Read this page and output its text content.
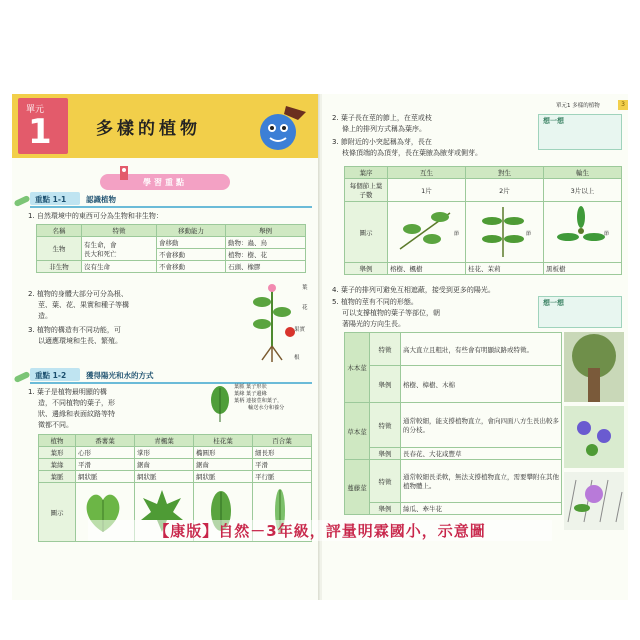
單元
1	多樣的植物
學習重點
重點 1-1	認識植物
1. 自然環境中的東西可分為生物和非生物：
名稱	特徵	移動能力	舉例
生物	有生命，會
長大和死亡	會移動	動物：蟲、鳥
		不會移動	植物：樹、花
非生物	沒有生命	不會移動	石頭、橡膠
2. 植物的身體大部分可分為根、
莖、葉、花、果實和種子等構
造。
3. 植物的構造有不同功能，可
以適應環境和生長、繁殖。
葉
花
果實
根
重點 1-2	獲得陽光和水的方式
1. 葉子是植物最明顯的構
造，不同植物的葉子，形
狀、邊緣和表面紋路等特
徵都不同。
葉脈 葉子形狀
葉緣 葉子邊緣
葉柄 連接莖和葉子，
輸送水分和養分
植物	番薯葉	青楓葉	桂花葉	百合葉
葉形	心形	掌形	橢圓形	細長形
葉緣	平滑	鋸齒	鋸齒	平滑
葉脈	網狀脈	網狀脈	網狀脈	平行脈
圖示				
單元1 多樣的植物
2. 葉子長在莖的節上，在莖或枝
條上的排列方式稱為葉序。
3. 節附近的小突起稱為芽，長在
枝條頂端的為頂芽，長在葉腋為腋芽或側芽。
想一想
葉序	互生	對生	輪生
每個節上葉子數	1片	2片	3片以上
圖示			
舉例	榕樹、楓樹	桂花、茉莉	黑板樹
節	節	節
4. 葉子的排列可避免互相遮蔽，接受到更多的陽光。
5. 植物的莖有不同的形態。
可以支撐植物的葉子等部位，朝
著陽光的方向生長。
想一想
木本莖	特徵	高大直立且粗壯，有些會有明顯紋路或特徵。
	舉例	榕樹、樟樹、木棉
草本莖	特徵	通常較細，能支撐植物直立，會向四面八方生長出較多的分枝。
	舉例	長春花、大花咸豐草
蔓藤莖	特徵	通常較細長柔軟，無法支撐植物直立，需要攀附在其他植物體上。
	舉例	絲瓜、牽牛花
3
【康版】自然－3年級，評量明霖國小，示意圖
